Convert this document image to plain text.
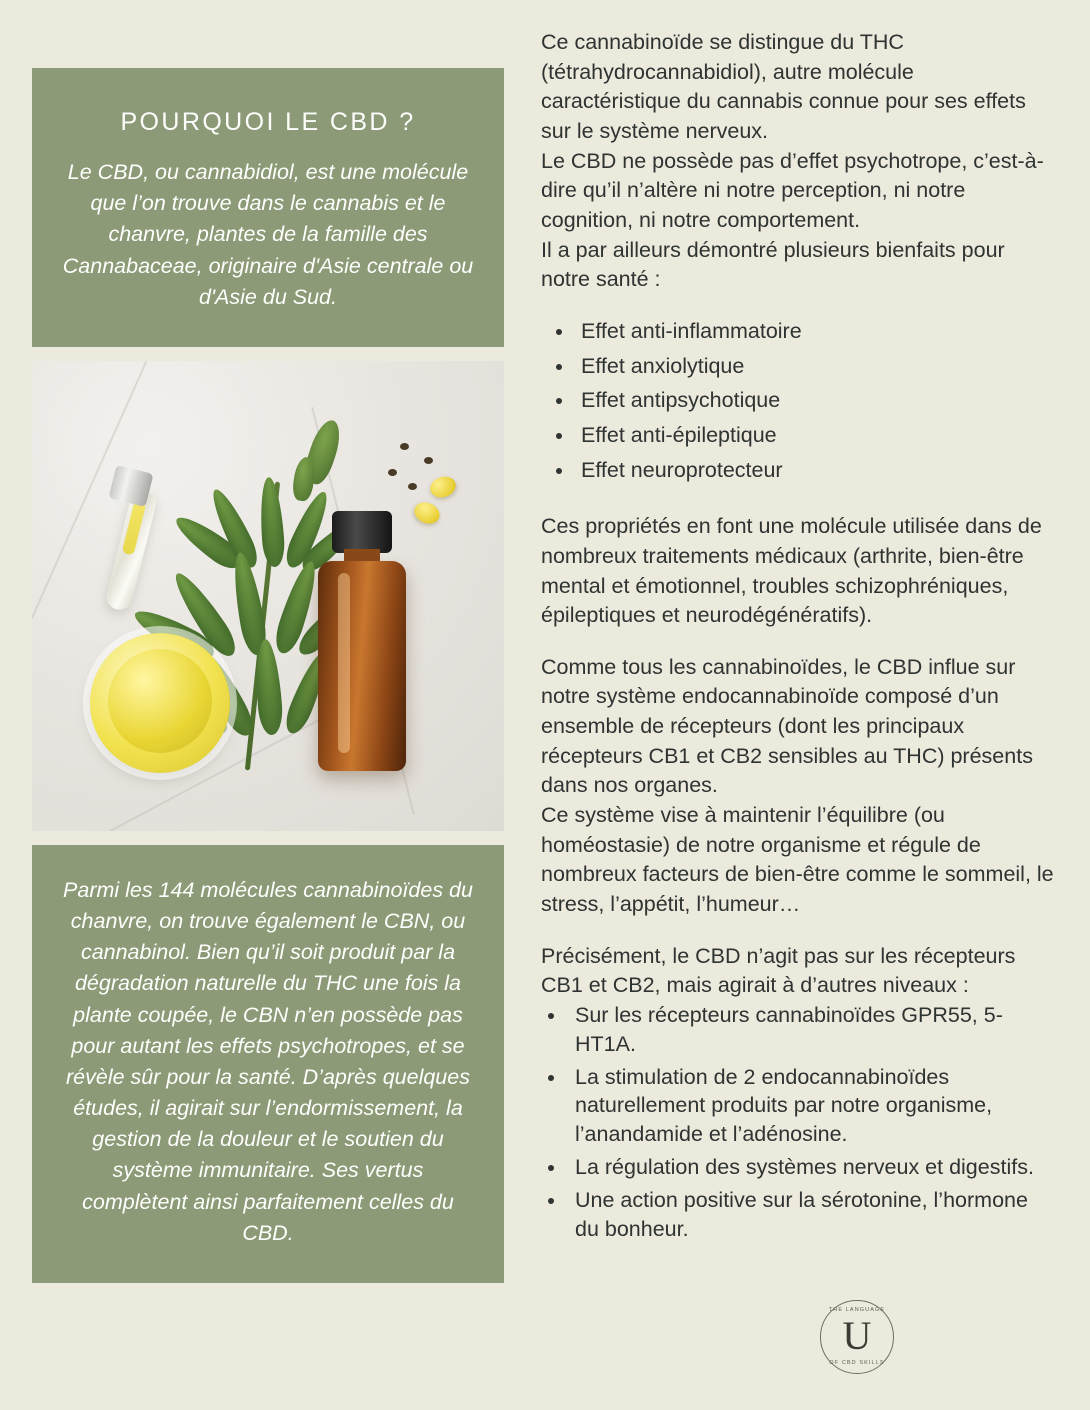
POURQUOI LE CBD ?

Le CBD, ou cannabidiol, est une molécule que l’on trouve dans le cannabis et le chanvre, plantes de la famille des Cannabaceae, originaire d'Asie centrale ou d'Asie du Sud.

Parmi les 144 molécules cannabinoïdes du chanvre, on trouve également le CBN, ou cannabinol. Bien qu’il soit produit par la dégradation naturelle du THC une fois la plante coupée, le CBN n’en possède pas pour autant les effets psychotropes, et se révèle sûr pour la santé. D’après quelques études, il agirait sur l’endormissement, la gestion de la douleur et le soutien du système immunitaire. Ses vertus complètent ainsi parfaitement celles du CBD.

Ce cannabinoïde se distingue du THC (tétrahydrocannabidiol), autre molécule caractéristique du cannabis connue pour ses effets sur le système nerveux.

Le CBD ne possède pas d’effet psychotrope, c’est-à-dire qu’il n’altère ni notre perception, ni notre cognition, ni notre comportement.

Il a par ailleurs démontré plusieurs bienfaits pour notre santé :

• Effet anti-inflammatoire
• Effet anxiolytique
• Effet antipsychotique
• Effet anti-épileptique
• Effet neuroprotecteur

Ces propriétés en font une molécule utilisée dans de nombreux traitements médicaux (arthrite, bien-être mental et émotionnel, troubles schizophréniques, épileptiques et neurodégénératifs).

Comme tous les cannabinoïdes, le CBD influe sur notre système endocannabinoïde composé d’un ensemble de récepteurs (dont les principaux récepteurs CB1 et CB2 sensibles au THC) présents dans nos organes.

Ce système vise à maintenir l’équilibre (ou homéostasie) de notre organisme et régule de nombreux facteurs de bien-être comme le sommeil, le stress, l’appétit, l’humeur…

Précisément, le CBD n’agit pas sur les récepteurs CB1 et CB2, mais agirait à d’autres niveaux :

• Sur les récepteurs cannabinoïdes GPR55, 5-HT1A.
• La stimulation de 2 endocannabinoïdes naturellement produits par notre organisme, l’anandamide et l’adénosine.
• La régulation des systèmes nerveux et digestifs.
• Une action positive sur la sérotonine, l’hormone du bonheur.
THE LANGUAGE
U
OF CBD SKILLS
